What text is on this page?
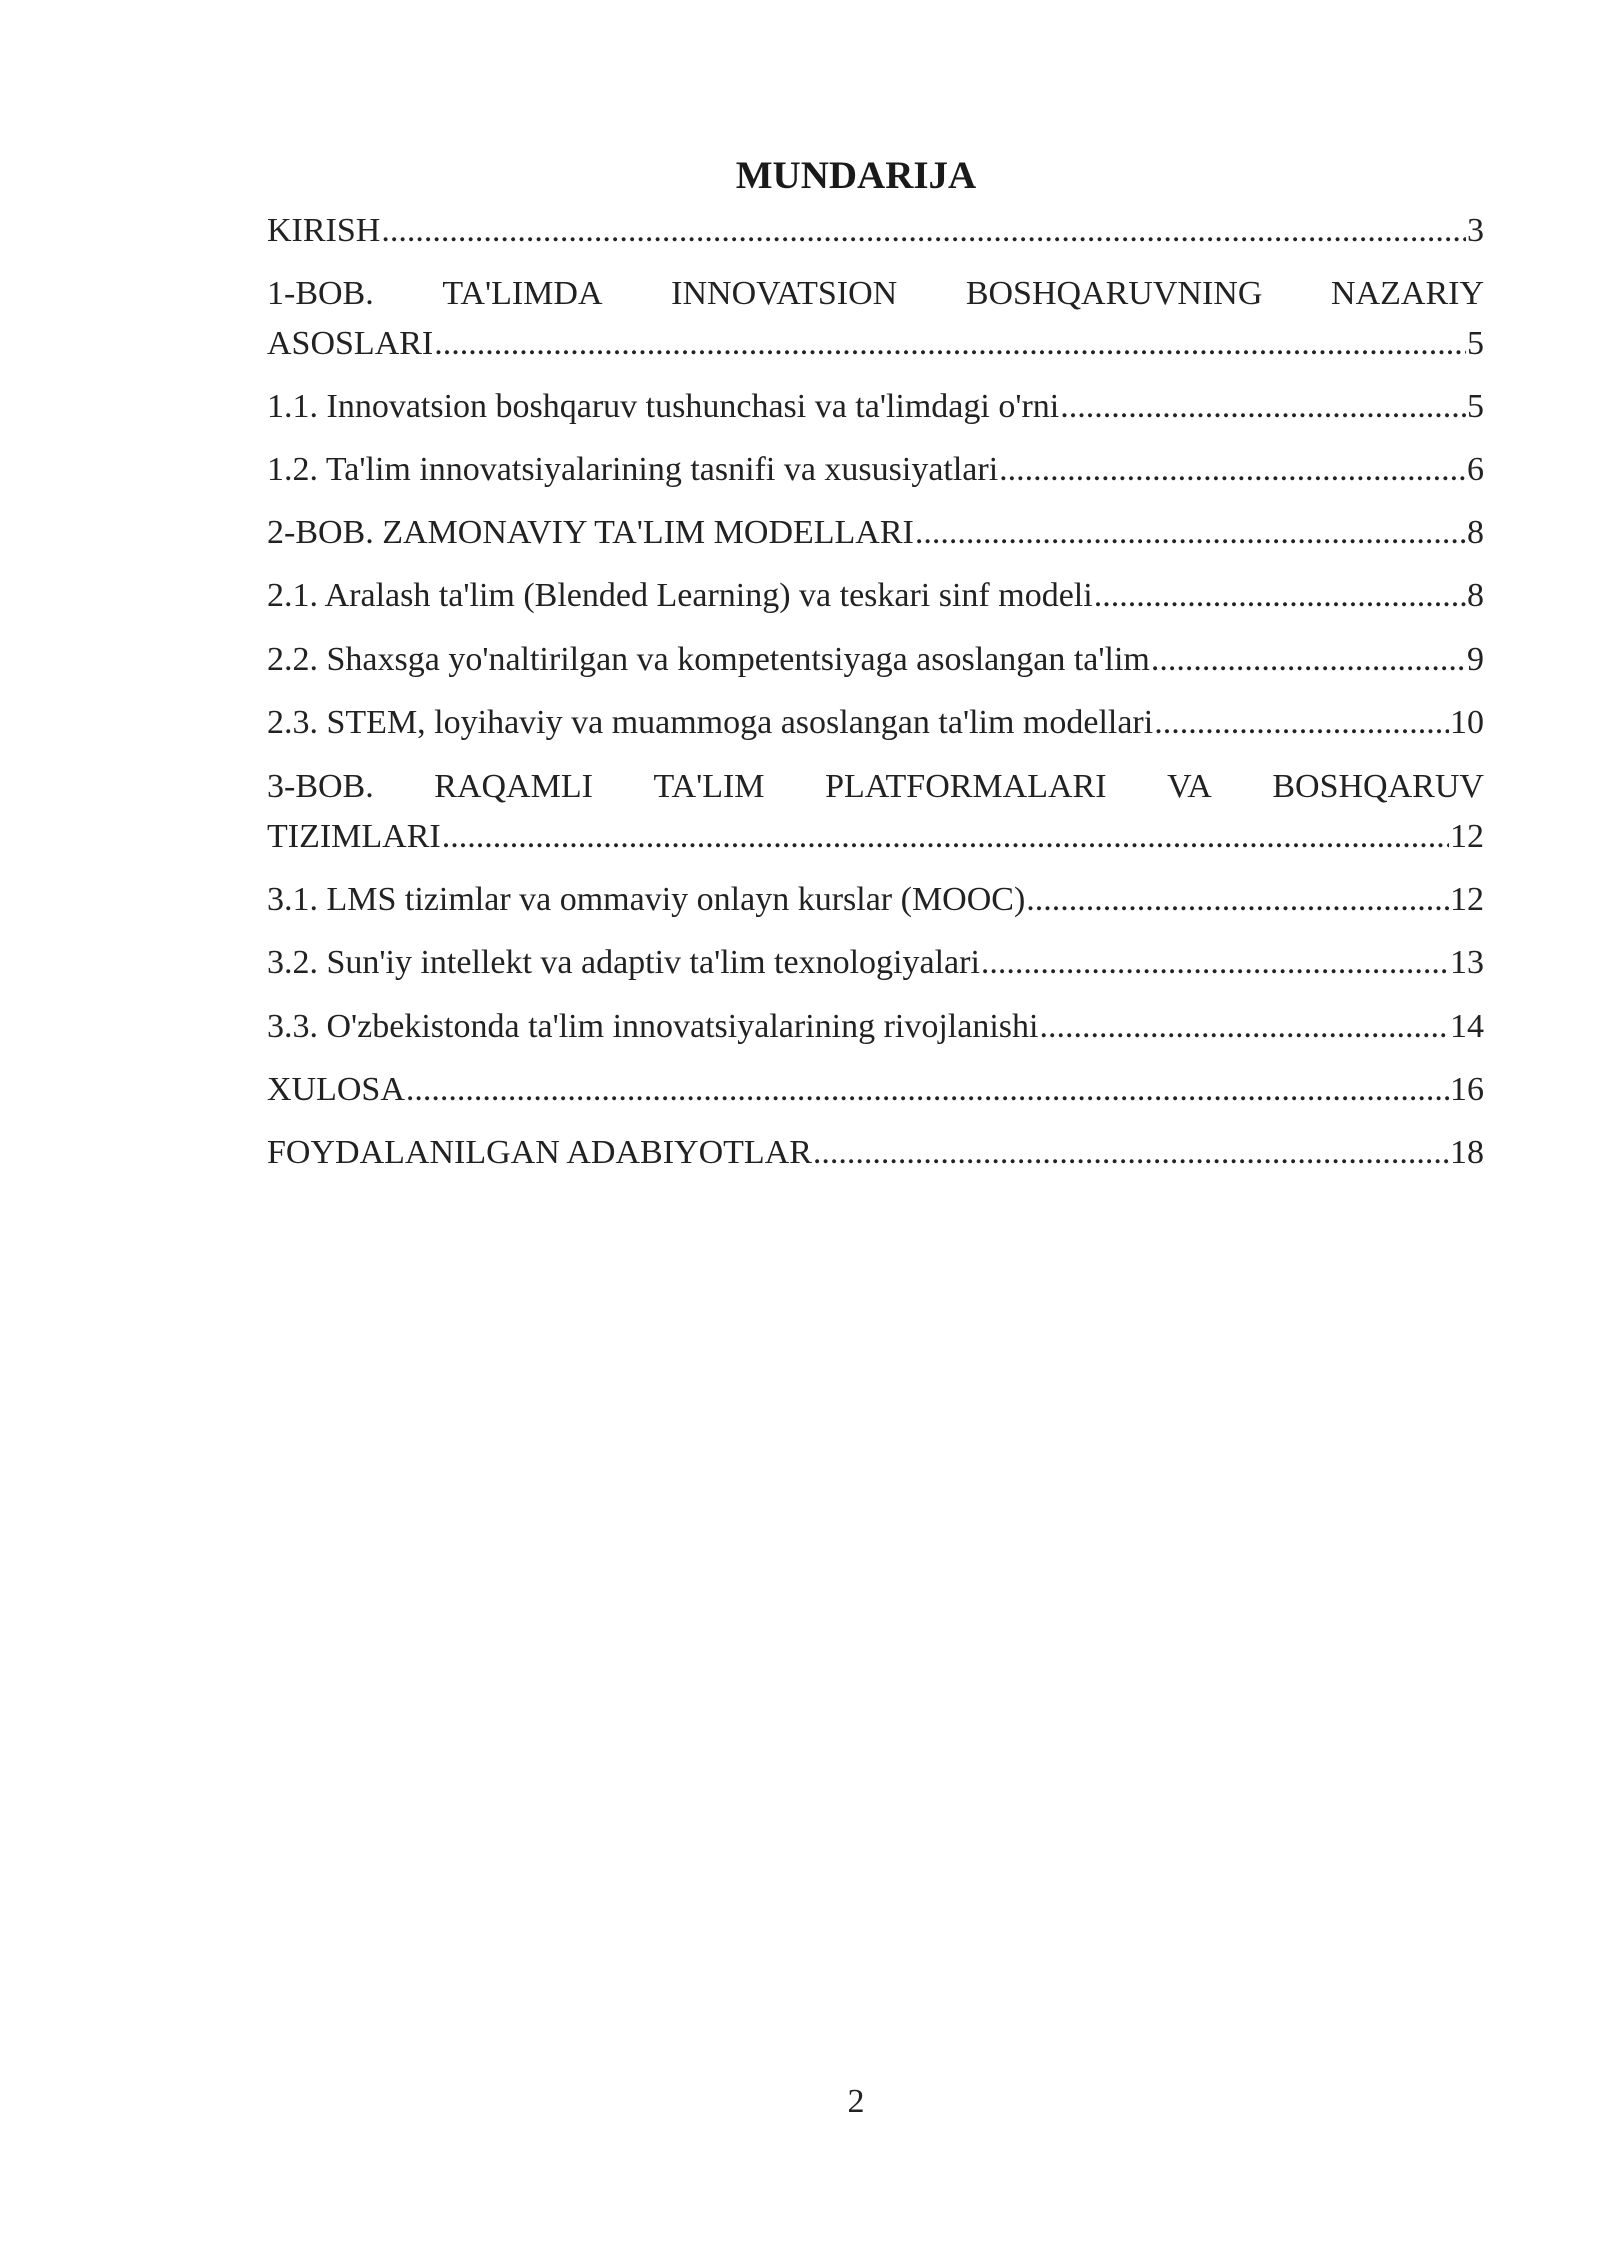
MUNDARIJA
KIRISH .....	3
1-BOB. TA'LIMDA INNOVATSION BOSHQARUVNING NAZARIY
ASOSLARI .....	5
1.1. Innovatsion boshqaruv tushunchasi va ta'limdagi o'rni .....	5
1.2. Ta'lim innovatsiyalarining tasnifi va xususiyatlari .....	6
2-BOB. ZAMONAVIY TA'LIM MODELLARI .....	8
2.1. Aralash ta'lim (Blended Learning) va teskari sinf modeli .....	8
2.2. Shaxsga yo'naltirilgan va kompetentsiyaga asoslangan ta'lim .....	9
2.3. STEM, loyihaviy va muammoga asoslangan ta'lim modellari .....	10
3-BOB. RAQAMLI TA'LIM PLATFORMALARI VA BOSHQARUV
TIZIMLARI .....	12
3.1. LMS tizimlar va ommaviy onlayn kurslar (MOOC) .....	12
3.2. Sun'iy intellekt va adaptiv ta'lim texnologiyalari .....	13
3.3. O'zbekistonda ta'lim innovatsiyalarining rivojlanishi .....	14
XULOSA .....	16
FOYDALANILGAN ADABIYOTLAR .....	18
2
